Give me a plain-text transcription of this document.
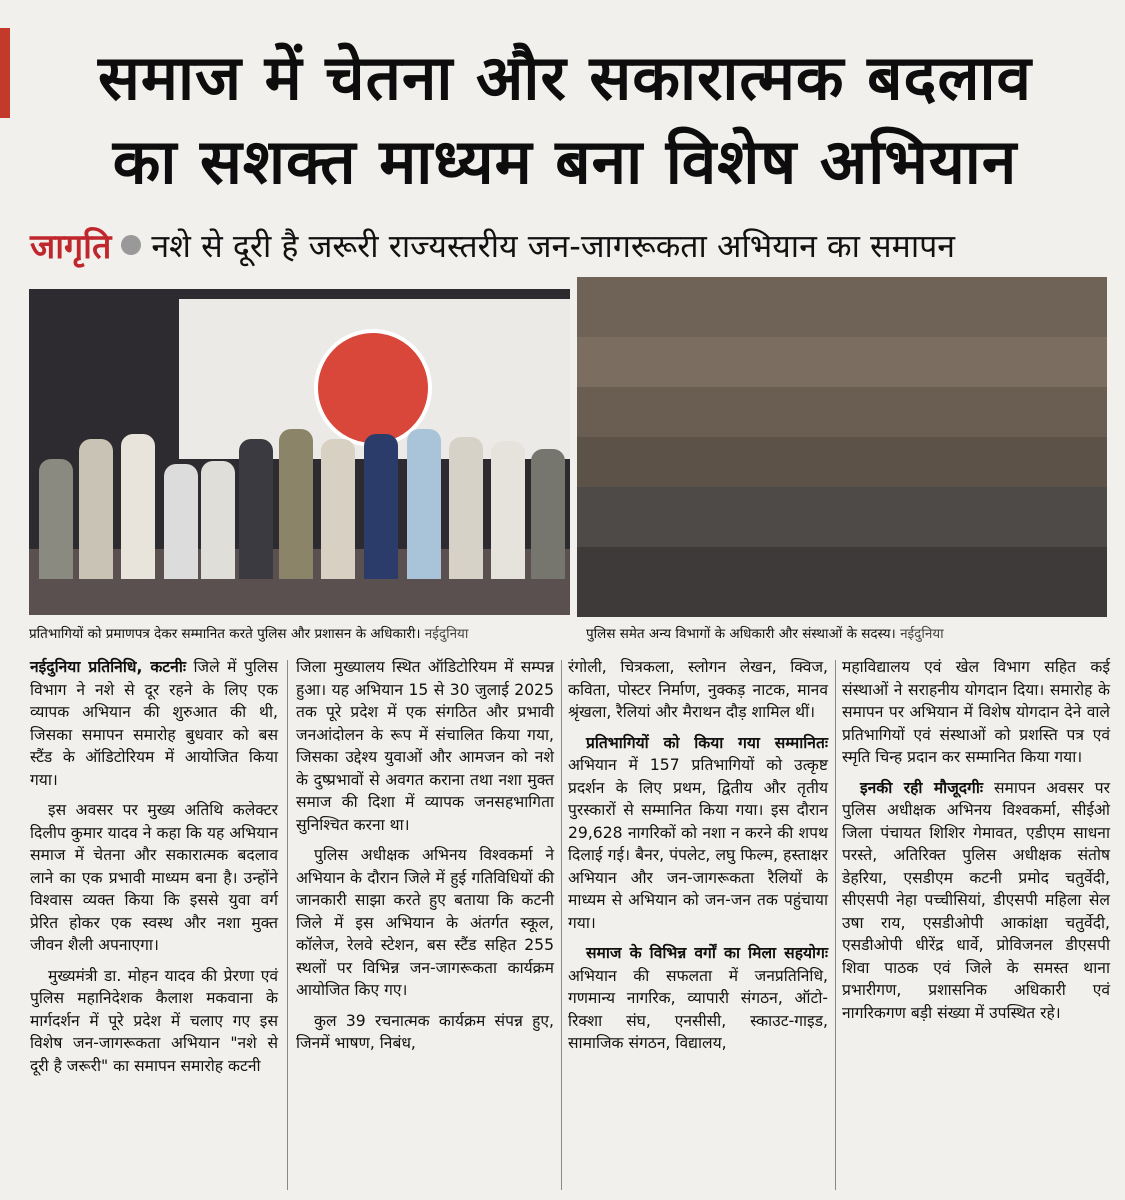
समाज में चेतना और सकारात्मक बदलाव
का सशक्त माध्यम बना विशेष अभियान
जागृति नशे से दूरी है जरूरी राज्यस्तरीय जन-जागरूकता अभियान का समापन
प्रतिभागियों को प्रमाणपत्र देकर सम्मानित करते पुलिस और प्रशासन के अधिकारी। नईदुनिया	पुलिस समेत अन्य विभागों के अधिकारी और संस्थाओं के सदस्य। नईदुनिया

नईदुनिया प्रतिनिधि, कटनीः जिले में पुलिस विभाग ने नशे से दूर रहने के लिए एक व्यापक अभियान की शुरुआत की थी, जिसका समापन समारोह बुधवार को बस स्टैंड के ऑडिटोरियम में आयोजित किया गया।

इस अवसर पर मुख्य अतिथि कलेक्टर दिलीप कुमार यादव ने कहा कि यह अभियान समाज में चेतना और सकारात्मक बदलाव लाने का एक प्रभावी माध्यम बना है। उन्होंने विश्वास व्यक्त किया कि इससे युवा वर्ग प्रेरित होकर एक स्वस्थ और नशा मुक्त जीवन शैली अपनाएगा।

मुख्यमंत्री डा. मोहन यादव की प्रेरणा एवं पुलिस महानिदेशक कैलाश मकवाना के मार्गदर्शन में पूरे प्रदेश में चलाए गए इस विशेष जन-जागरूकता अभियान "नशे से दूरी है जरूरी" का समापन समारोह कटनी

जिला मुख्यालय स्थित ऑडिटोरियम में सम्पन्न हुआ। यह अभियान 15 से 30 जुलाई 2025 तक पूरे प्रदेश में एक संगठित और प्रभावी जनआंदोलन के रूप में संचालित किया गया, जिसका उद्देश्य युवाओं और आमजन को नशे के दुष्प्रभावों से अवगत कराना तथा नशा मुक्त समाज की दिशा में व्यापक जनसहभागिता सुनिश्चित करना था।

पुलिस अधीक्षक अभिनय विश्वकर्मा ने अभियान के दौरान जिले में हुई गतिविधियों की जानकारी साझा करते हुए बताया कि कटनी जिले में इस अभियान के अंतर्गत स्कूल, कॉलेज, रेलवे स्टेशन, बस स्टैंड सहित 255 स्थलों पर विभिन्न जन-जागरूकता कार्यक्रम आयोजित किए गए।

कुल 39 रचनात्मक कार्यक्रम संपन्न हुए, जिनमें भाषण, निबंध,

रंगोली, चित्रकला, स्लोगन लेखन, क्विज, कविता, पोस्टर निर्माण, नुक्कड़ नाटक, मानव श्रृंखला, रैलियां और मैराथन दौड़ शामिल थीं।

प्रतिभागियों को किया गया सम्मानितः अभियान में 157 प्रतिभागियों को उत्कृष्ट प्रदर्शन के लिए प्रथम, द्वितीय और तृतीय पुरस्कारों से सम्मानित किया गया। इस दौरान 29,628 नागरिकों को नशा न करने की शपथ दिलाई गई। बैनर, पंपलेट, लघु फिल्म, हस्ताक्षर अभियान और जन-जागरूकता रैलियों के माध्यम से अभियान को जन-जन तक पहुंचाया गया।

समाज के विभिन्न वर्गों का मिला सहयोगः अभियान की सफलता में जनप्रतिनिधि, गणमान्य नागरिक, व्यापारी संगठन, ऑटो-रिक्शा संघ, एनसीसी, स्काउट-गाइड, सामाजिक संगठन, विद्यालय,

महाविद्यालय एवं खेल विभाग सहित कई संस्थाओं ने सराहनीय योगदान दिया। समारोह के समापन पर अभियान में विशेष योगदान देने वाले प्रतिभागियों एवं संस्थाओं को प्रशस्ति पत्र एवं स्मृति चिन्ह प्रदान कर सम्मानित किया गया।

इनकी रही मौजूदगीः समापन अवसर पर पुलिस अधीक्षक अभिनय विश्वकर्मा, सीईओ जिला पंचायत शिशिर गेमावत, एडीएम साधना परस्ते, अतिरिक्त पुलिस अधीक्षक संतोष डेहरिया, एसडीएम कटनी प्रमोद चतुर्वेदी, सीएसपी नेहा पच्चीसियां, डीएसपी महिला सेल उषा राय, एसडीओपी आकांक्षा चतुर्वेदी, एसडीओपी धीरेंद्र धार्वे, प्रोविजनल डीएसपी शिवा पाठक एवं जिले के समस्त थाना प्रभारीगण, प्रशासनिक अधिकारी एवं नागरिकगण बड़ी संख्या में उपस्थित रहे।
